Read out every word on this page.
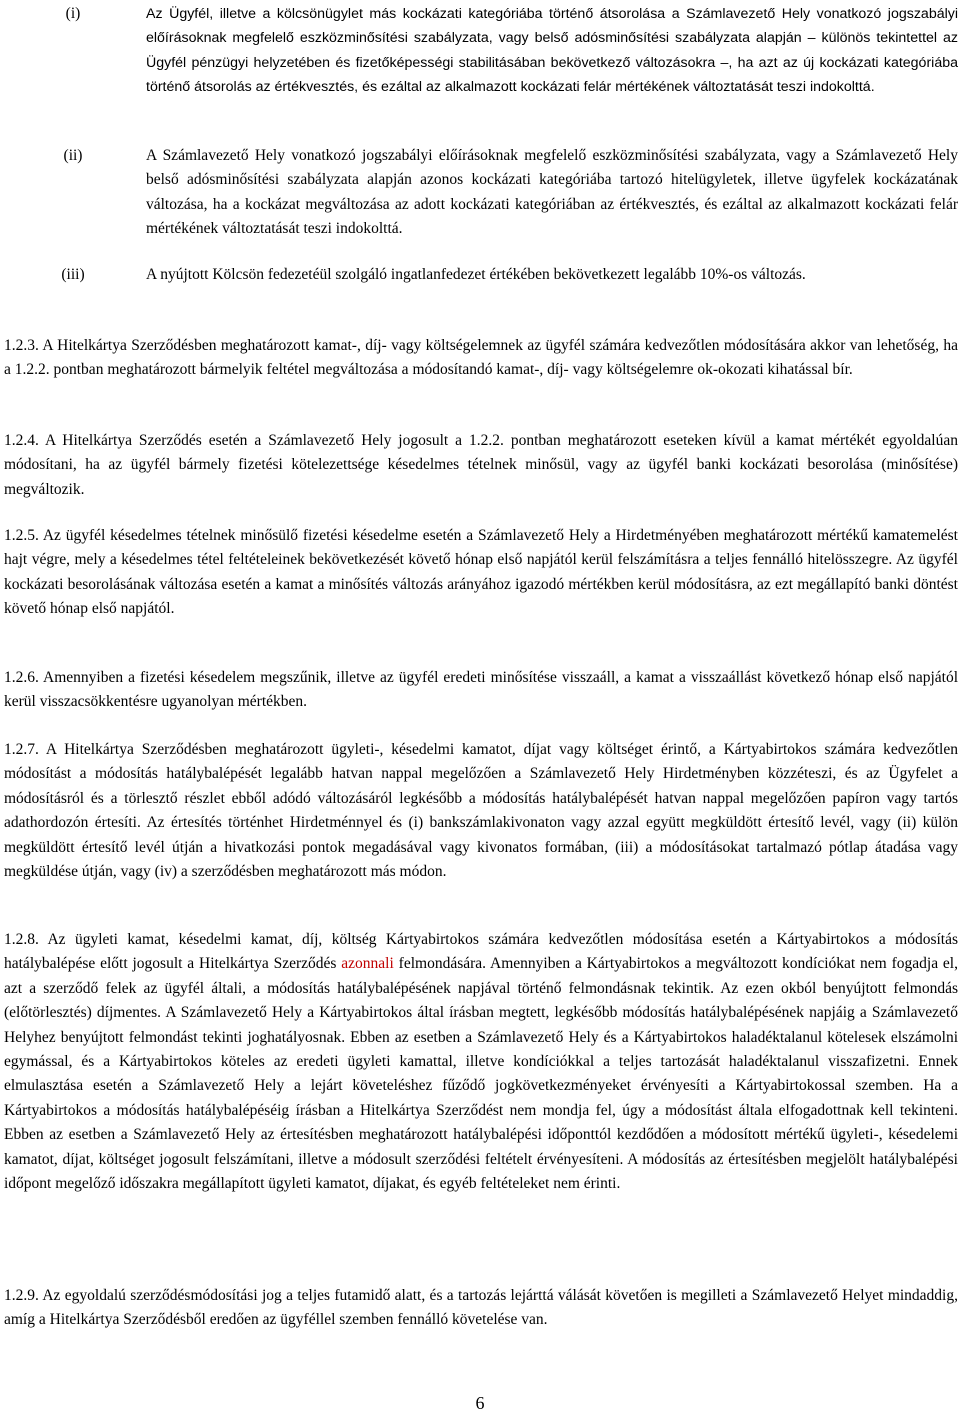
(i)	Az Ügyfél, illetve a kölcsönügylet más kockázati kategóriába történő átsorolása a Számlavezető Hely vonatkozó jogszabályi előírásoknak megfelelő eszközminősítési szabályzata, vagy belső adósminősítési szabályzata alapján – különös tekintettel az Ügyfél pénzügyi helyzetében és fizetőképességi stabilitásában bekövetkező változásokra –, ha azt az új kockázati kategóriába történő átsorolás az értékvesztés, és ezáltal az alkalmazott kockázati felár mértékének változtatását teszi indokolttá.
(ii)	A Számlavezető Hely vonatkozó jogszabályi előírásoknak megfelelő eszközminősítési szabályzata, vagy a Számlavezető Hely belső adósminősítési szabályzata alapján azonos kockázati kategóriába tartozó hitelügyletek, illetve ügyfelek kockázatának változása, ha a kockázat megváltozása az adott kockázati kategóriában az értékvesztés, és ezáltal az alkalmazott kockázati felár mértékének változtatását teszi indokolttá.
(iii)	A nyújtott Kölcsön fedezetéül szolgáló ingatlanfedezet értékében bekövetkezett legalább 10%-os változás.
1.2.3. A Hitelkártya Szerződésben meghatározott kamat-, díj- vagy költségelemnek az ügyfél számára kedvezőtlen módosítására akkor van lehetőség, ha a 1.2.2. pontban meghatározott bármelyik feltétel megváltozása a módosítandó kamat-, díj- vagy költségelemre ok-okozati kihatással bír.
1.2.4. A Hitelkártya Szerződés esetén a Számlavezető Hely jogosult a 1.2.2. pontban meghatározott eseteken kívül a kamat mértékét egyoldalúan módosítani, ha az ügyfél bármely fizetési kötelezettsége késedelmes tételnek minősül, vagy az ügyfél banki kockázati besorolása (minősítése) megváltozik.
1.2.5. Az ügyfél késedelmes tételnek minősülő fizetési késedelme esetén a Számlavezető Hely a Hirdetményében meghatározott mértékű kamatemelést hajt végre, mely a késedelmes tétel feltételeinek bekövetkezését követő hónap első napjától kerül felszámításra a teljes fennálló hitelösszegre. Az ügyfél kockázati besorolásának változása esetén a kamat a minősítés változás arányához igazodó mértékben kerül módosításra, az ezt megállapító banki döntést követő hónap első napjától.
1.2.6. Amennyiben a fizetési késedelem megszűnik, illetve az ügyfél eredeti minősítése visszaáll, a kamat a visszaállást következő hónap első napjától kerül visszacsökkentésre ugyanolyan mértékben.
1.2.7. A Hitelkártya Szerződésben meghatározott ügyleti-, késedelmi kamatot, díjat vagy költséget érintő, a Kártyabirtokos számára kedvezőtlen módosítást a módosítás hatálybalépését legalább hatvan nappal megelőzően a Számlavezető Hely Hirdetményben közzéteszi, és az Ügyfelet a módosításról és a törlesztő részlet ebből adódó változásáról legkésőbb a módosítás hatálybalépését hatvan nappal megelőzően papíron vagy tartós adathordozón értesíti. Az értesítés történhet Hirdetménnyel és (i) bankszámlakivonaton vagy azzal együtt megküldött értesítő levél, vagy (ii) külön megküldött értesítő levél útján a hivatkozási pontok megadásával vagy kivonatos formában, (iii) a módosításokat tartalmazó pótlap átadása vagy megküldése útján, vagy (iv) a szerződésben meghatározott más módon.
1.2.8. Az ügyleti kamat, késedelmi kamat, díj, költség Kártyabirtokos számára kedvezőtlen módosítása esetén a Kártyabirtokos a módosítás hatálybalépése előtt jogosult a Hitelkártya Szerződés azonnali felmondására. Amennyiben a Kártyabirtokos a megváltozott kondíciókat nem fogadja el, azt a szerződő felek az ügyfél általi, a módosítás hatálybalépésének napjával történő felmondásnak tekintik. Az ezen okból benyújtott felmondás (előtörlesztés) díjmentes. A Számlavezető Hely a Kártyabirtokos által írásban megtett, legkésőbb módosítás hatálybalépésének napjáig a Számlavezető Helyhez benyújtott felmondást tekinti joghatályosnak. Ebben az esetben a Számlavezető Hely és a Kártyabirtokos haladéktalanul kötelesek elszámolni egymással, és a Kártyabirtokos köteles az eredeti ügyleti kamattal, illetve kondíciókkal a teljes tartozását haladéktalanul visszafizetni. Ennek elmulasztása esetén a Számlavezető Hely a lejárt követeléshez fűződő jogkövetkezményeket érvényesíti a Kártyabirtokossal szemben. Ha a Kártyabirtokos a módosítás hatálybalépéséig írásban a Hitelkártya Szerződést nem mondja fel, úgy a módosítást általa elfogadottnak kell tekinteni. Ebben az esetben a Számlavezető Hely az értesítésben meghatározott hatálybalépési időponttól kezdődően a módosított mértékű ügyleti-, késedelemi kamatot, díjat, költséget jogosult felszámítani, illetve a módosult szerződési feltételt érvényesíteni. A módosítás az értesítésben megjelölt hatálybalépési időpont megelőző időszakra megállapított ügyleti kamatot, díjakat, és egyéb feltételeket nem érinti.
1.2.9. Az egyoldalú szerződésmódosítási jog a teljes futamidő alatt, és a tartozás lejárttá válását követően is megilleti a Számlavezető Helyet mindaddig, amíg a Hitelkártya Szerződésből eredően az ügyféllel szemben fennálló követelése van.
6
